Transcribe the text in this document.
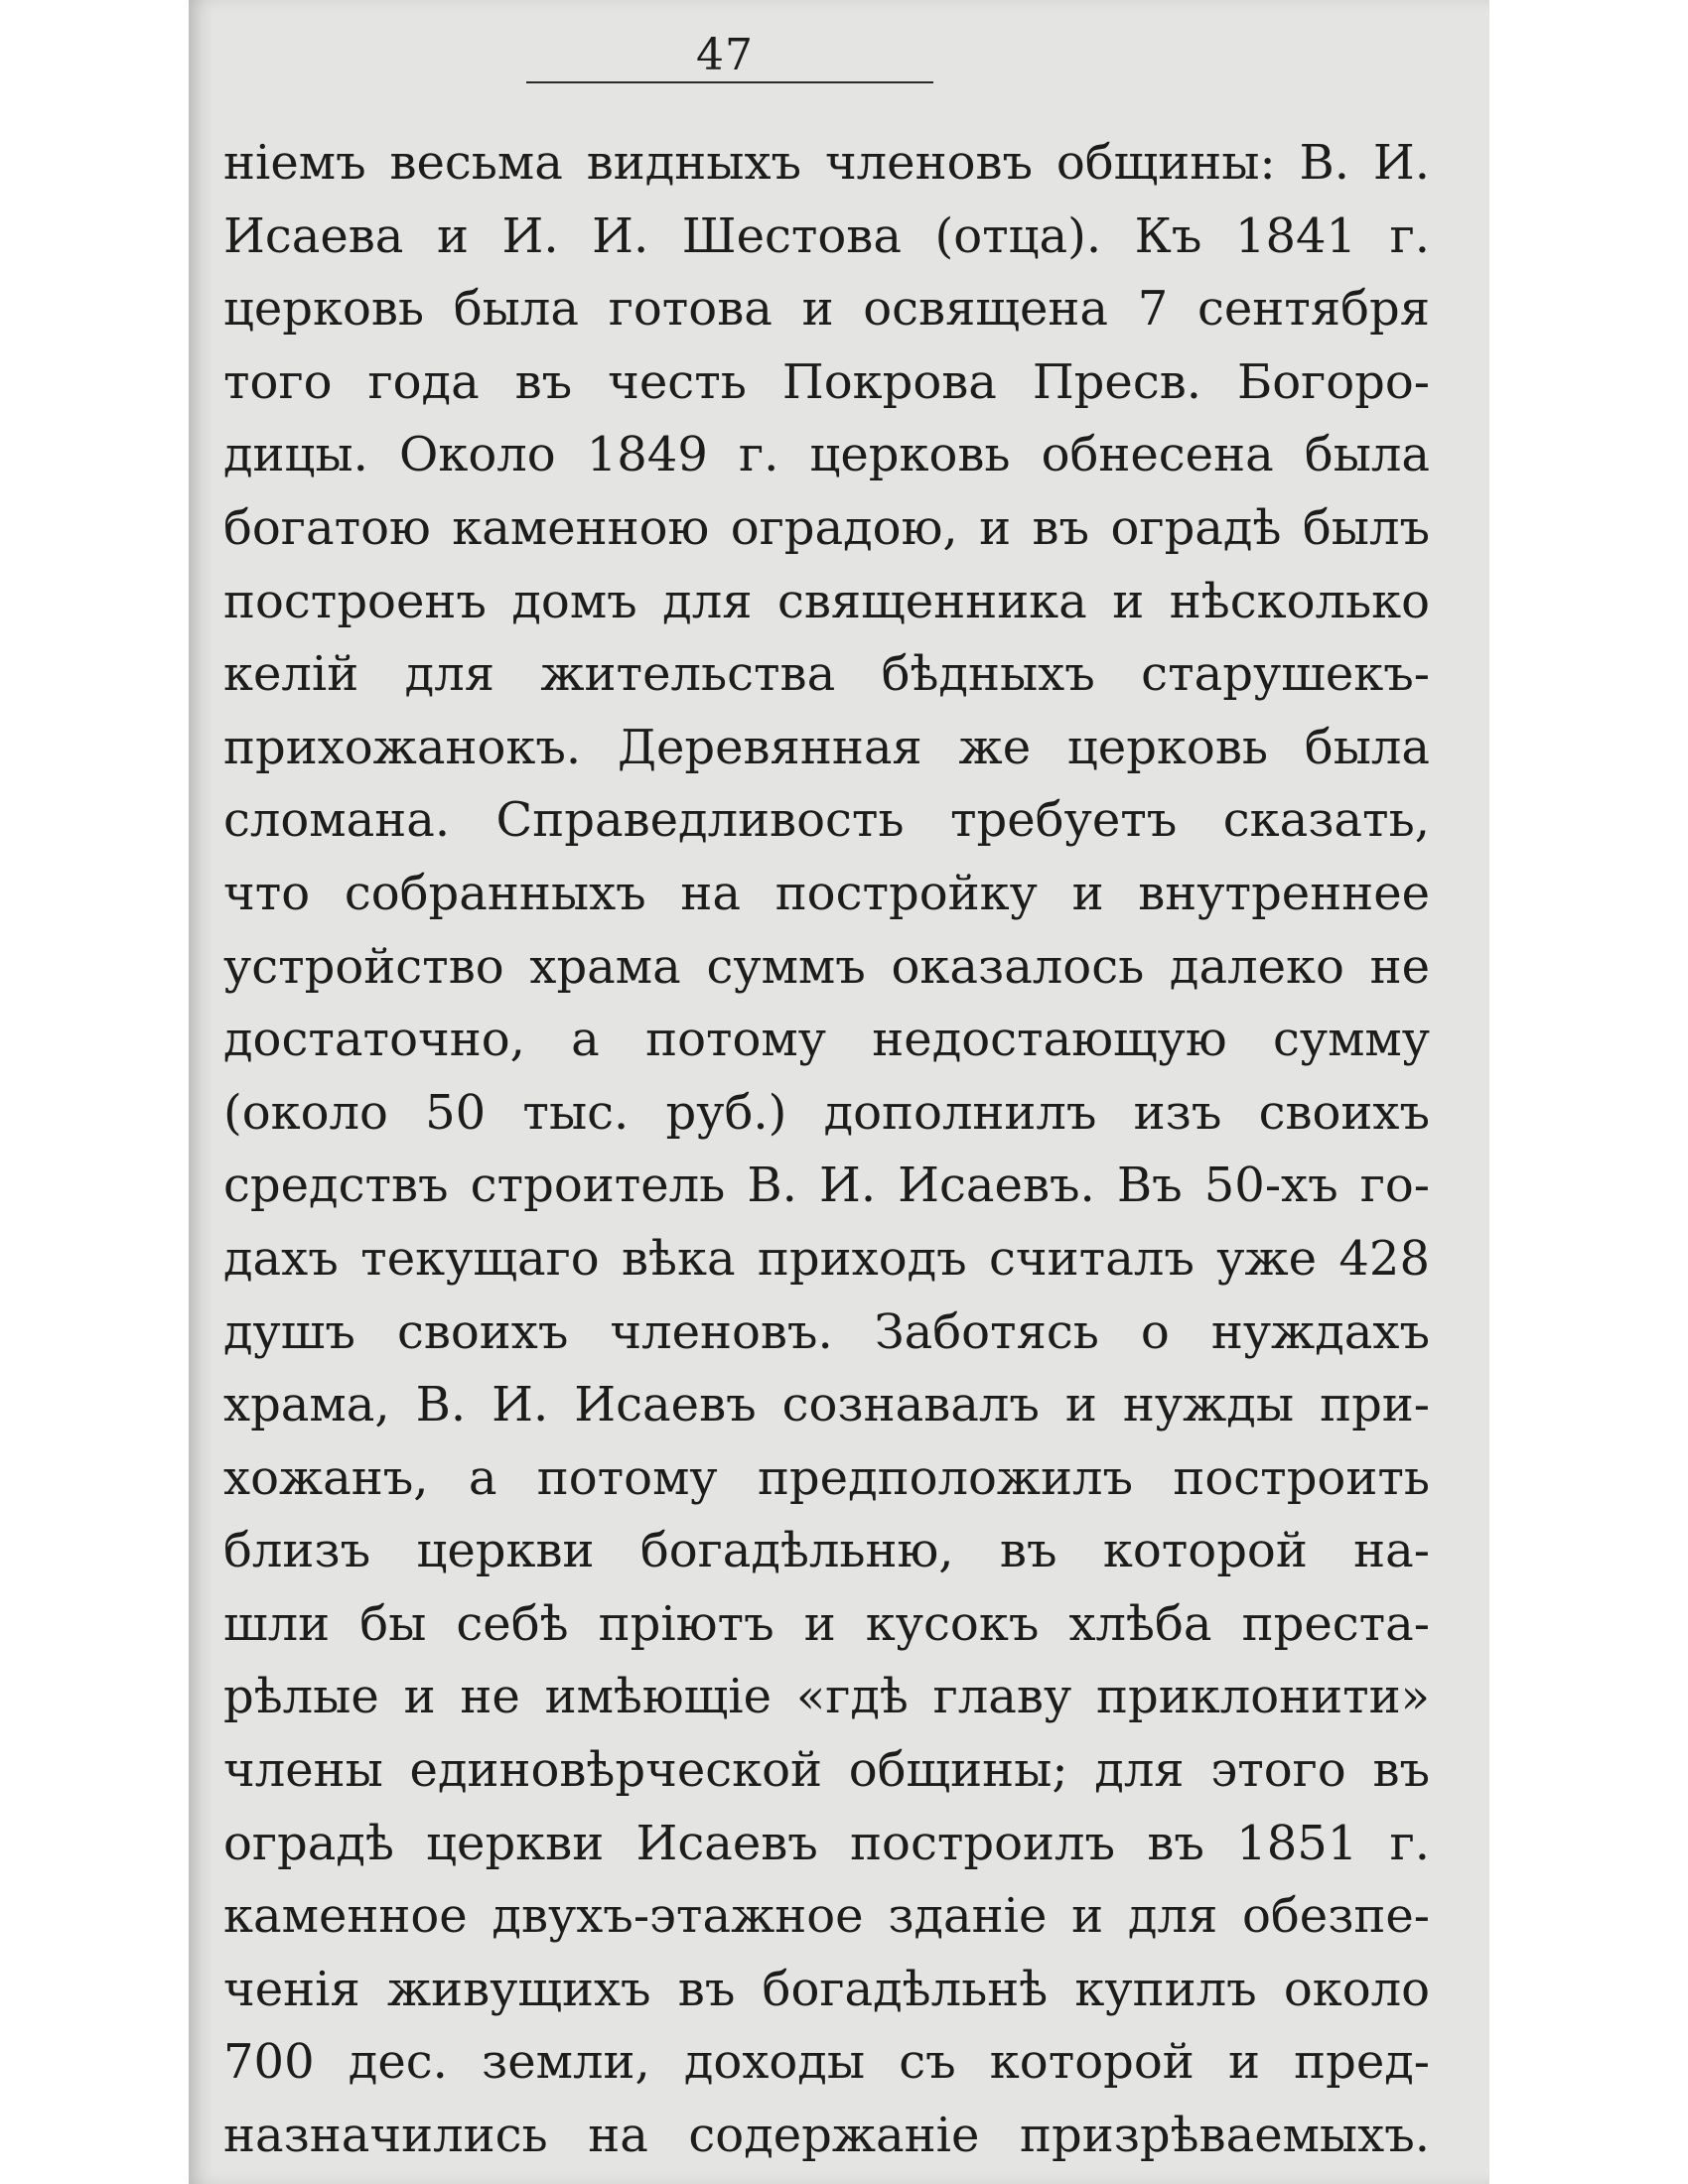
47
ніемъ весьма видныхъ членовъ общины: В. И.
Исаева и И. И. Шестова (отца). Къ 1841 г.
церковь была готова и освящена 7 сентября
того года въ честь Покрова Пресв. Богоро-
дицы. Около 1849 г. церковь обнесена была
богатою каменною оградою, и въ оградѣ былъ
построенъ домъ для священника и нѣсколько
келій для жительства бѣдныхъ старушекъ-
прихожанокъ. Деревянная же церковь была
сломана. Справедливость требуетъ сказать,
что собранныхъ на постройку и внутреннее
устройство храма суммъ оказалось далеко не
достаточно, а потому недостающую сумму
(около 50 тыс. руб.) дополнилъ изъ своихъ
средствъ строитель В. И. Исаевъ. Въ 50-хъ го-
дахъ текущаго вѣка приходъ считалъ уже 428
душъ своихъ членовъ. Заботясь о нуждахъ
храма, В. И. Исаевъ сознавалъ и нужды при-
хожанъ, а потому предположилъ построить
близъ церкви богадѣльню, въ которой на-
шли бы себѣ пріютъ и кусокъ хлѣба преста-
рѣлые и не имѣющіе «гдѣ главу приклонити»
члены единовѣрческой общины; для этого въ
оградѣ церкви Исаевъ построилъ въ 1851 г.
каменное двухъ-этажное зданіе и для обезпе-
ченія живущихъ въ богадѣльнѣ купилъ около
700 дес. земли, доходы съ которой и пред-
назначились на содержаніе призрѣваемыхъ.
